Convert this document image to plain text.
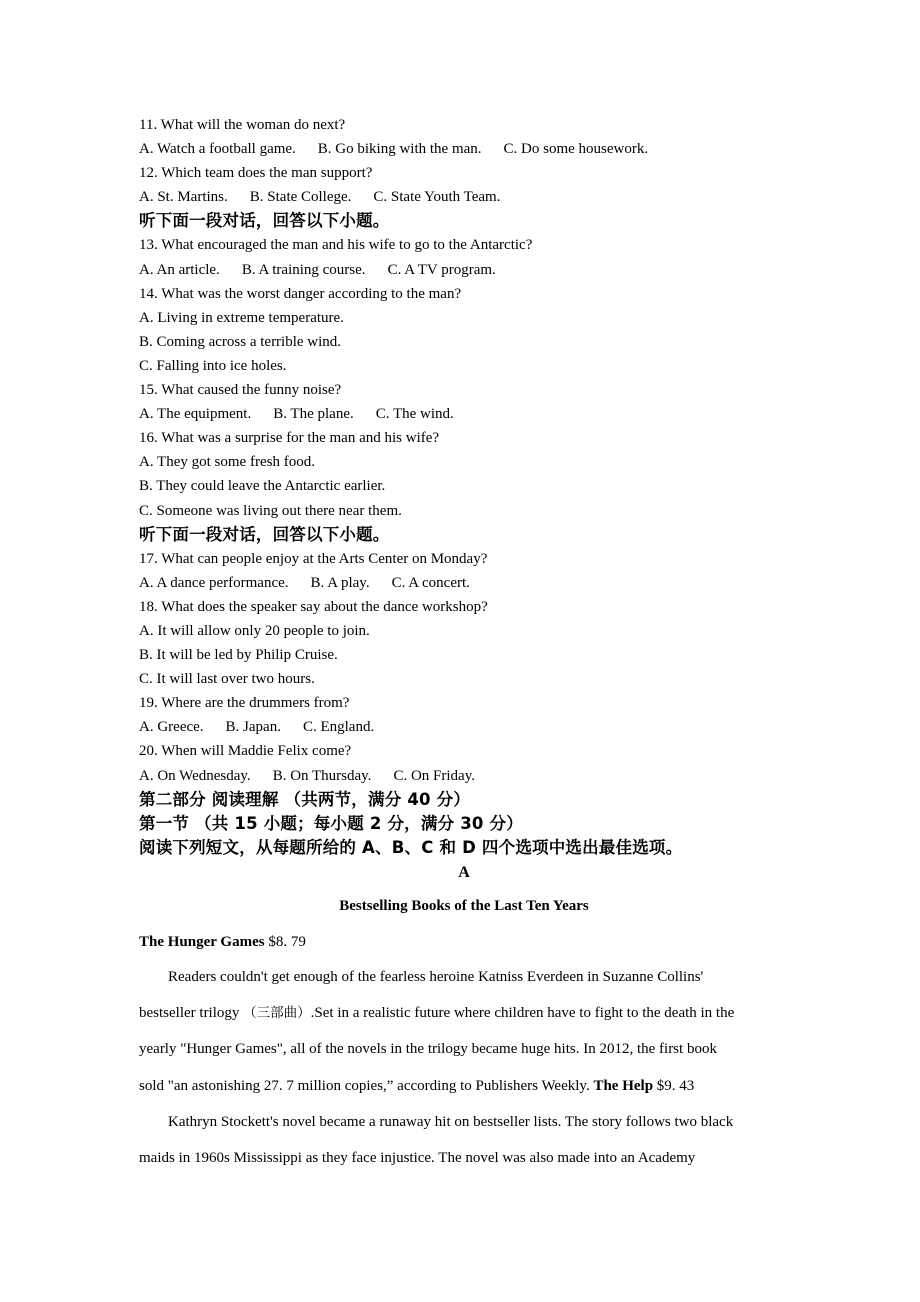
11. What will the woman do next?
A. Watch a football game. B. Go biking with the man. C. Do some housework.
12. Which team does the man support?
A. St. Martins. B. State College. C. State Youth Team.
听下面一段对话，回答以下小题。
13. What encouraged the man and his wife to go to the Antarctic?
A. An article. B. A training course. C. A TV program.
14. What was the worst danger according to the man?
A. Living in extreme temperature.
B. Coming across a terrible wind.
C. Falling into ice holes.
15. What caused the funny noise?
A. The equipment. B. The plane. C. The wind.
16. What was a surprise for the man and his wife?
A. They got some fresh food.
B. They could leave the Antarctic earlier.
C. Someone was living out there near them.
听下面一段对话，回答以下小题。
17. What can people enjoy at the Arts Center on Monday?
A. A dance performance. B. A play. C. A concert.
18. What does the speaker say about the dance workshop?
A. It will allow only 20 people to join.
B. It will be led by Philip Cruise.
C. It will last over two hours.
19. Where are the drummers from?
A. Greece. B. Japan. C. England.
20. When will Maddie Felix come?
A. On Wednesday. B. On Thursday. C. On Friday.
第二部分 阅读理解 （共两节，满分 40 分）
第一节 （共 15 小题；每小题 2 分，满分 30 分）
阅读下列短文，从每题所给的 A、B、C 和 D 四个选项中选出最佳选项。
A
Bestselling Books of the Last Ten Years
The Hunger Games $8. 79
Readers couldn't get enough of the fearless heroine Katniss Everdeen in Suzanne Collins'
bestseller trilogy （三部曲）.Set in a realistic future where children have to fight to the death in the
yearly "Hunger Games", all of the novels in the trilogy became huge hits. In 2012, the first book
sold "an astonishing 27. 7 million copies,” according to Publishers Weekly. The Help $9. 43
Kathryn Stockett's novel became a runaway hit on bestseller lists. The story follows two black
maids in 1960s Mississippi as they face injustice. The novel was also made into an Academy
